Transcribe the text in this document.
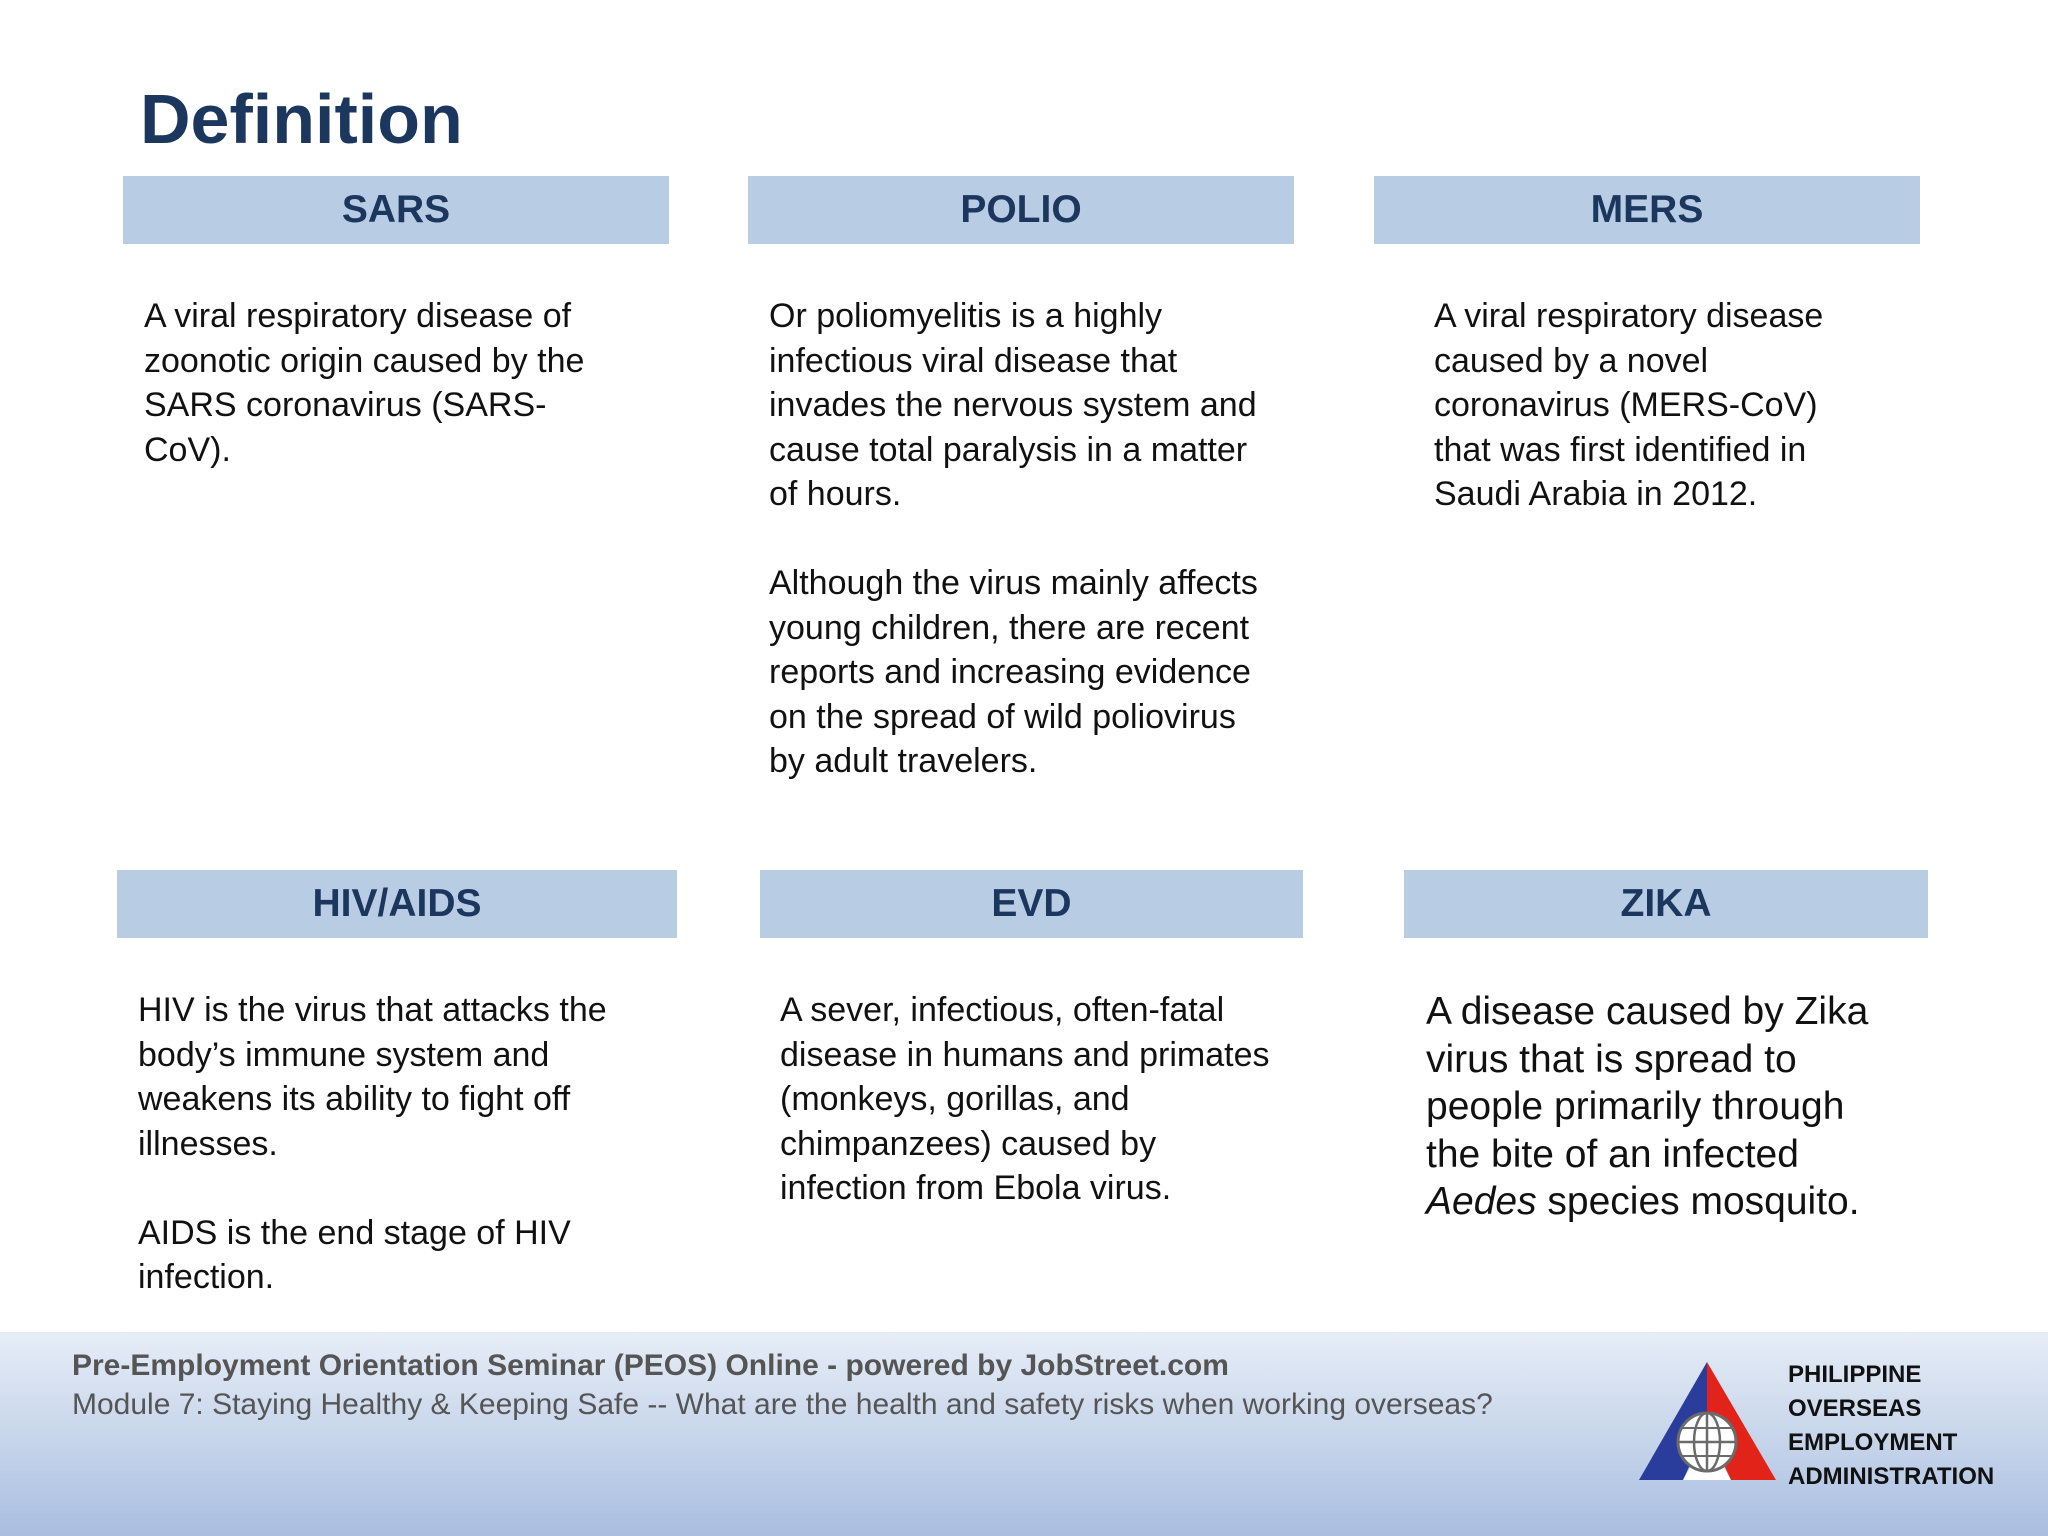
Definition
SARS

A viral respiratory disease of zoonotic origin caused by the SARS coronavirus (SARS-CoV).

POLIO

Or poliomyelitis is a highly infectious viral disease that invades the nervous system and cause total paralysis in a matter of hours.

Although the virus mainly affects young children, there are recent reports and increasing evidence on the spread of wild poliovirus by adult travelers.

MERS

A viral respiratory disease caused by a novel coronavirus (MERS-CoV) that was first identified in Saudi Arabia in 2012.

HIV/AIDS

HIV is the virus that attacks the body’s immune system and weakens its ability to fight off illnesses.

AIDS is the end stage of HIV infection.

EVD

A sever, infectious, often-fatal disease in humans and primates (monkeys, gorillas, and chimpanzees) caused by infection from Ebola virus.

ZIKA

A disease caused by Zika virus that is spread to people primarily through the bite of an infected Aedes species mosquito.

Pre-Employment Orientation Seminar (PEOS) Online - powered by JobStreet.com
Module 7: Staying Healthy & Keeping Safe -- What are the health and safety risks when working overseas?
PHILIPPINE
OVERSEAS
EMPLOYMENT
ADMINISTRATION
